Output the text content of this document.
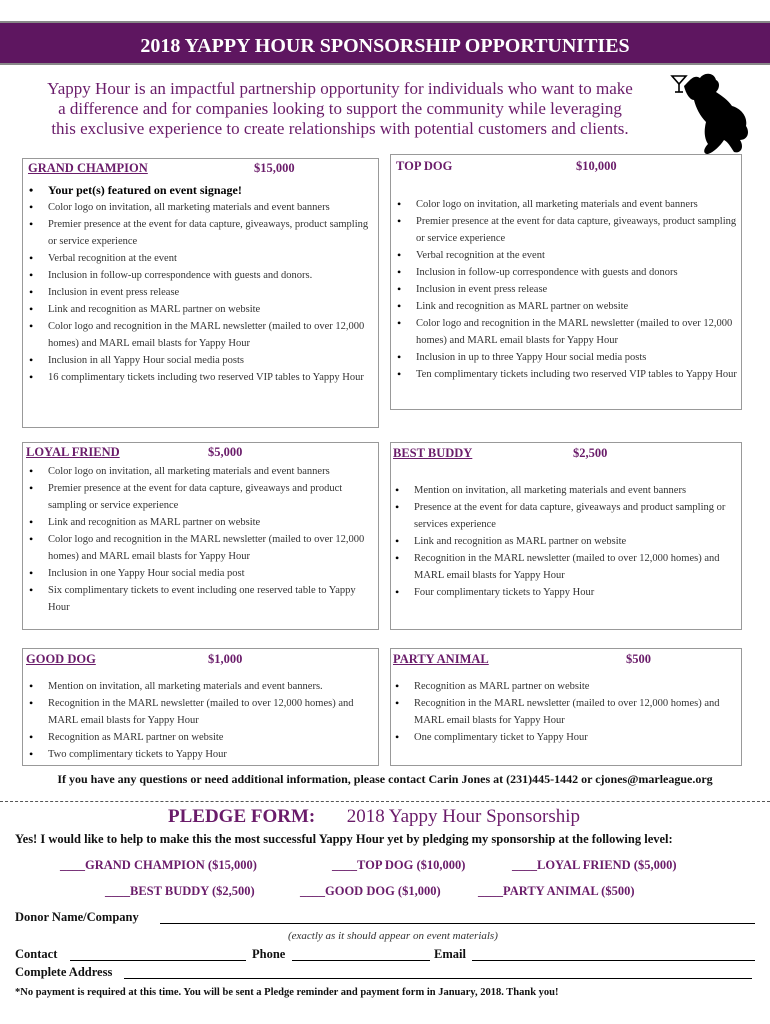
2018 YAPPY HOUR SPONSORSHIP OPPORTUNITIES
Yappy Hour is an impactful partnership opportunity for individuals who want to make
a difference and for companies looking to support the community while leveraging
this exclusive experience to create relationships with potential customers and clients.
GRAND CHAMPION	$15,000
• Your pet(s) featured on event signage!
• Color logo on invitation, all marketing materials and event banners
• Premier presence at the event for data capture, giveaways, product sampling or service experience
• Verbal recognition at the event
• Inclusion in follow-up correspondence with guests and donors.
• Inclusion in event press release
• Link and recognition as MARL partner on website
• Color logo and recognition in the MARL newsletter (mailed to over 12,000 homes) and MARL email blasts for Yappy Hour
• Inclusion in all Yappy Hour social media posts
• 16 complimentary tickets including two reserved VIP tables to Yappy Hour
TOP DOG	$10,000
• Color logo on invitation, all marketing materials and event banners
• Premier presence at the event for data capture, giveaways, product sampling or service experience
• Verbal recognition at the event
• Inclusion in follow-up correspondence with guests and donors
• Inclusion in event press release
• Link and recognition as MARL partner on website
• Color logo and recognition in the MARL newsletter (mailed to over 12,000 homes) and MARL email blasts for Yappy Hour
• Inclusion in up to three Yappy Hour social media posts
• Ten complimentary tickets including two reserved VIP tables to Yappy Hour
LOYAL FRIEND	$5,000
• Color logo on invitation, all marketing materials and event banners
• Premier presence at the event for data capture, giveaways and product sampling or service experience
• Link and recognition as MARL partner on website
• Color logo and recognition in the MARL newsletter (mailed to over 12,000 homes) and MARL email blasts for Yappy Hour
• Inclusion in one Yappy Hour social media post
• Six complimentary tickets to event including one reserved table to Yappy Hour
BEST BUDDY	$2,500
• Mention on invitation, all marketing materials and event banners
• Presence at the event for data capture, giveaways and product sampling or services experience
• Link and recognition as MARL partner on website
• Recognition in the MARL newsletter (mailed to over 12,000 homes) and MARL email blasts for Yappy Hour
• Four complimentary tickets to Yappy Hour
GOOD DOG	$1,000
• Mention on invitation, all marketing materials and event banners.
• Recognition in the MARL newsletter (mailed to over 12,000 homes) and MARL email blasts for Yappy Hour
• Recognition as MARL partner on website
• Two complimentary tickets to Yappy Hour
PARTY ANIMAL	$500
• Recognition as MARL partner on website
• Recognition in the MARL newsletter (mailed to over 12,000 homes) and MARL email blasts for Yappy Hour
• One complimentary ticket to Yappy Hour
If you have any questions or need additional information, please contact Carin Jones at (231)445-1442 or cjones@marleague.org
PLEDGE FORM: 2018 Yappy Hour Sponsorship
Yes! I would like to help to make this the most successful Yappy Hour yet by pledging my sponsorship at the following level:
____GRAND CHAMPION ($15,000)	____TOP DOG ($10,000)	____LOYAL FRIEND ($5,000)
____BEST BUDDY ($2,500)	____GOOD DOG ($1,000)	____PARTY ANIMAL ($500)
Donor Name/Company
(exactly as it should appear on event materials)
Contact	Phone	Email
Complete Address
*No payment is required at this time. You will be sent a Pledge reminder and payment form in January, 2018. Thank you!
